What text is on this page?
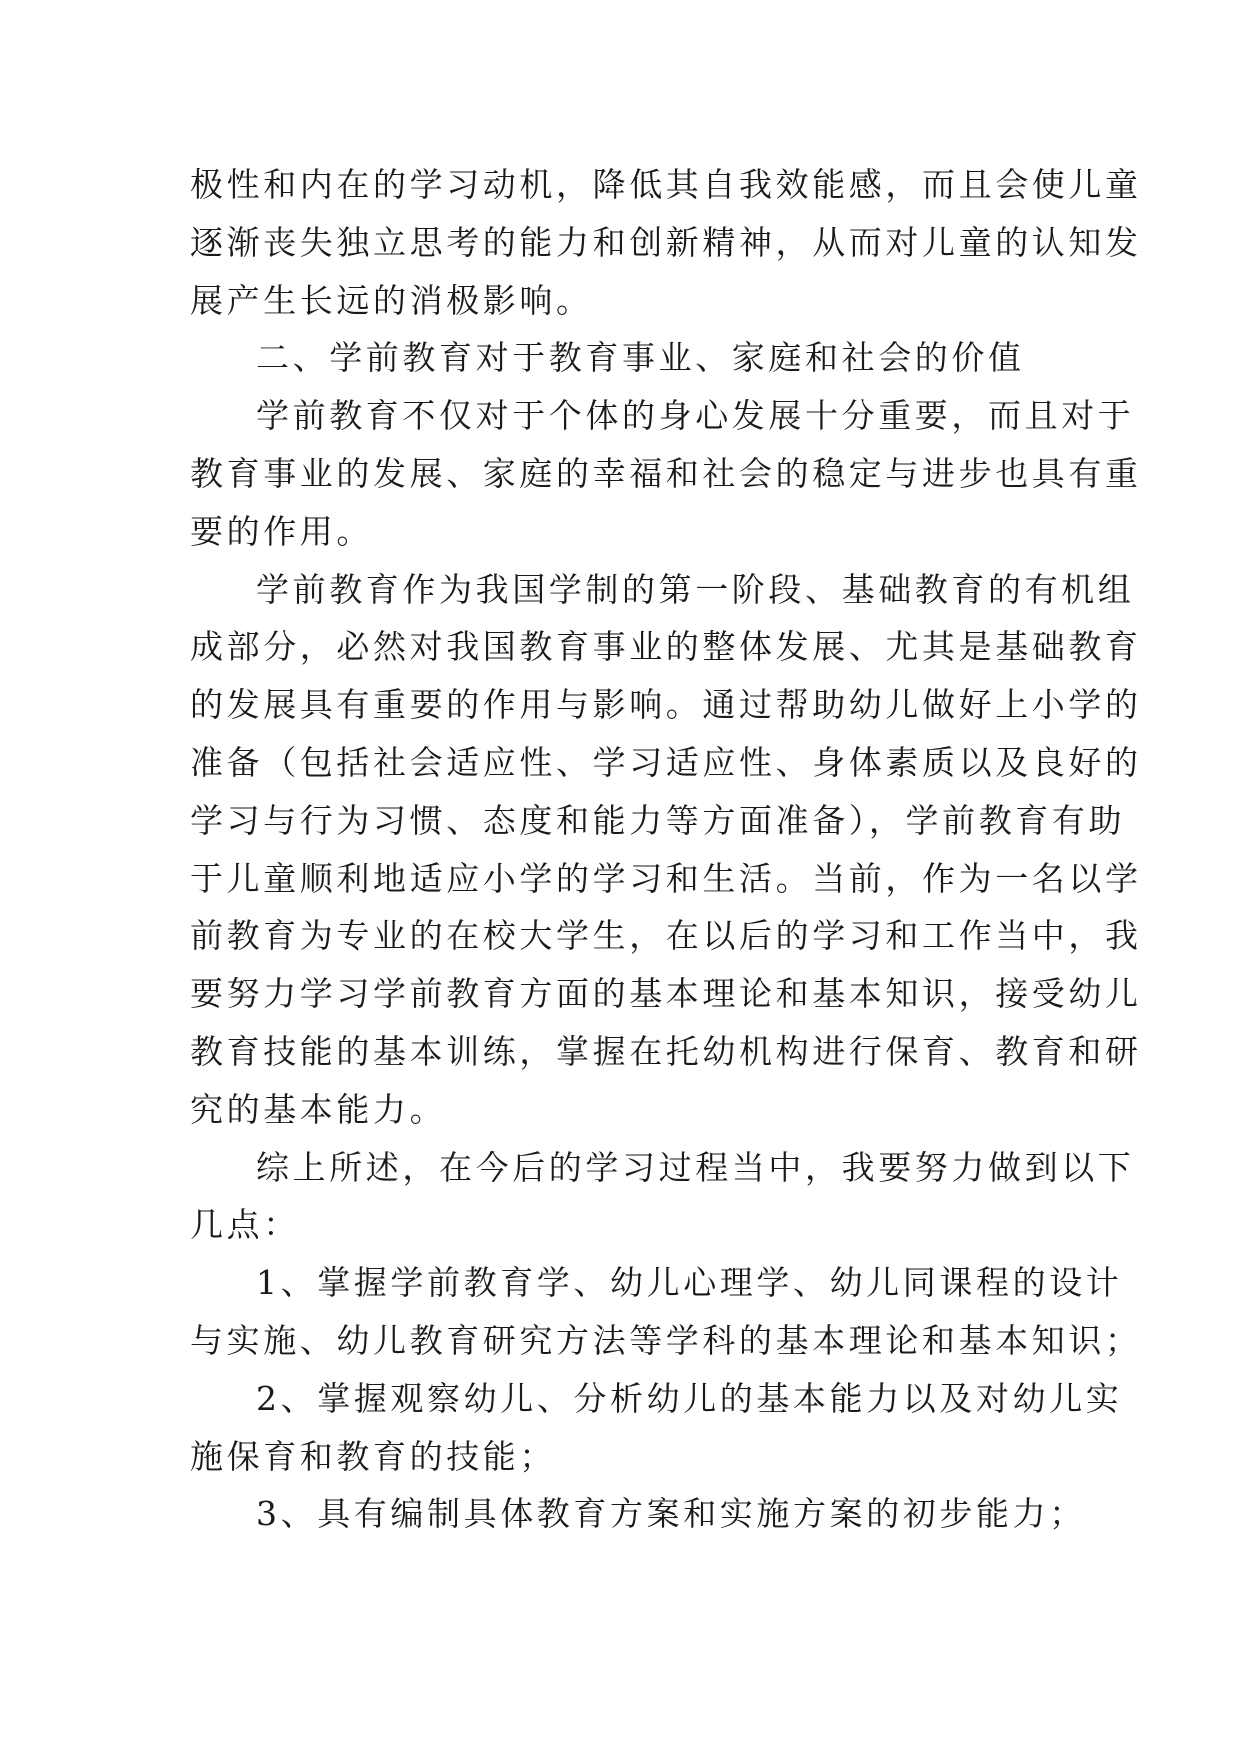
极性和内在的学习动机，降低其自我效能感，而且会使儿童
逐渐丧失独立思考的能力和创新精神，从而对儿童的认知发
展产生长远的消极影响。
二、学前教育对于教育事业、家庭和社会的价值
学前教育不仅对于个体的身心发展十分重要，而且对于
教育事业的发展、家庭的幸福和社会的稳定与进步也具有重
要的作用。
学前教育作为我国学制的第一阶段、基础教育的有机组
成部分，必然对我国教育事业的整体发展、尤其是基础教育
的发展具有重要的作用与影响。通过帮助幼儿做好上小学的
准备（包括社会适应性、学习适应性、身体素质以及良好的
学习与行为习惯、态度和能力等方面准备），学前教育有助
于儿童顺利地适应小学的学习和生活。当前，作为一名以学
前教育为专业的在校大学生，在以后的学习和工作当中，我
要努力学习学前教育方面的基本理论和基本知识，接受幼儿
教育技能的基本训练，掌握在托幼机构进行保育、教育和研
究的基本能力。
综上所述，在今后的学习过程当中，我要努力做到以下
几点：
1、掌握学前教育学、幼儿心理学、幼儿同课程的设计
与实施、幼儿教育研究方法等学科的基本理论和基本知识；
2、掌握观察幼儿、分析幼儿的基本能力以及对幼儿实
施保育和教育的技能；
3、具有编制具体教育方案和实施方案的初步能力；
